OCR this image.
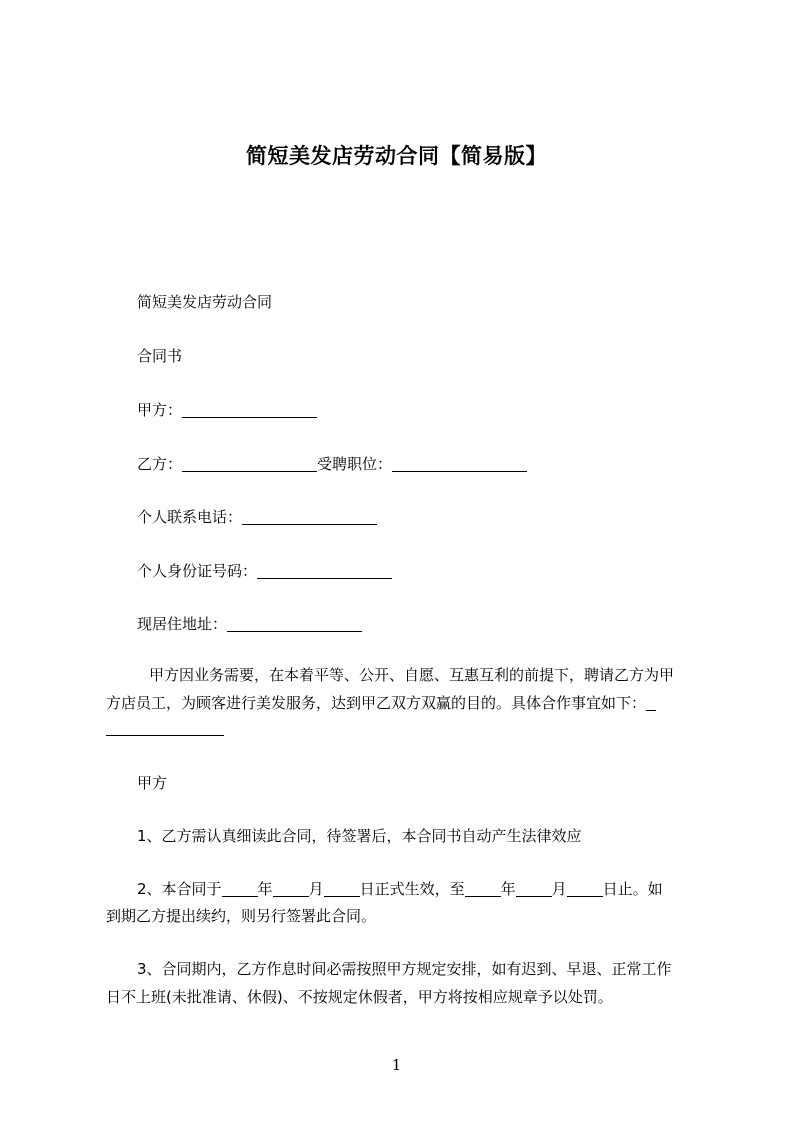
简短美发店劳动合同【简易版】
简短美发店劳动合同
合同书
甲方：
乙方：	受聘职位：
个人联系电话：
个人身份证号码：
现居住地址：
甲方因业务需要，在本着平等、公开、自愿、互惠互利的前提下，聘请乙方为甲
方店员工，为顾客进行美发服务，达到甲乙双方双赢的目的。具体合作事宜如下：
甲方
1、乙方需认真细读此合同，待签署后，本合同书自动产生法律效应
2、本合同于 年 月 日正式生效，至 年 月 日止。如
到期乙方提出续约，则另行签署此合同。
3、合同期内，乙方作息时间必需按照甲方规定安排，如有迟到、早退、正常工作
日不上班(未批准请、休假)、不按规定休假者，甲方将按相应规章予以处罚。
1
